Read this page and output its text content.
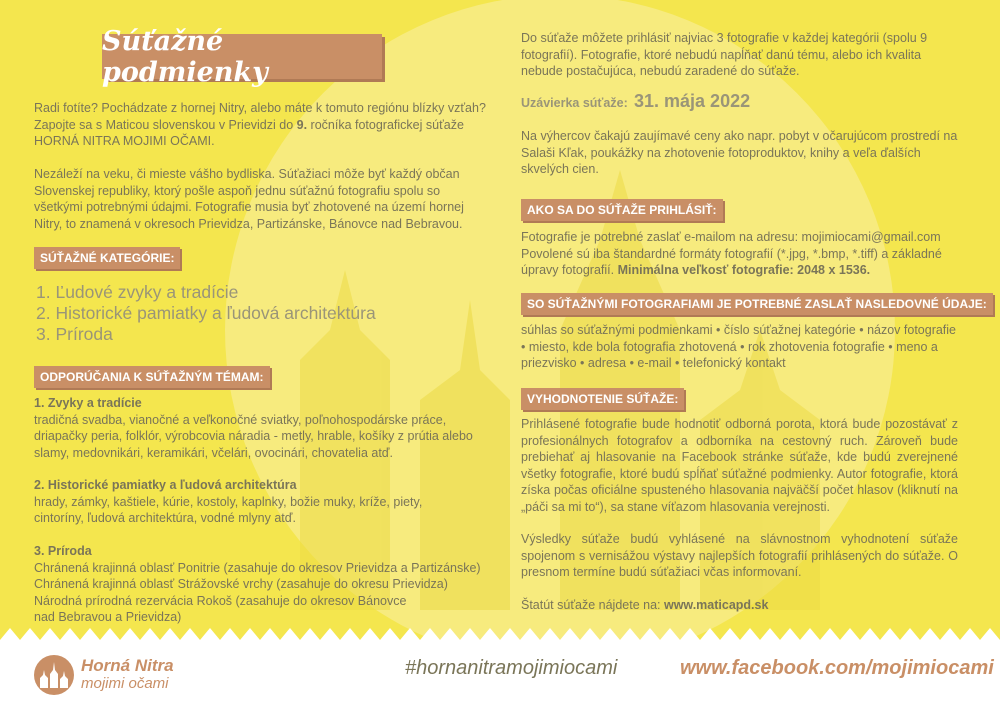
Súťažné podmienky
Radi fotíte? Pochádzate z hornej Nitry, alebo máte k tomuto regiónu blízky vzťah? Zapojte sa s Maticou slovenskou v Prievidzi do 9. ročníka fotografickej súťaže HORNÁ NITRA MOJIMI OČAMI.
Nezáleží na veku, či mieste vášho bydliska. Súťažiaci môže byť každý občan Slovenskej republiky, ktorý pošle aspoň jednu súťažnú fotografiu spolu so všetkými potrebnými údajmi. Fotografie musia byť zhotovené na území hornej Nitry, to znamená v okresoch Prievidza, Partizánske, Bánovce nad Bebravou.
SÚŤAŽNÉ KATEGÓRIE:
1. Ľudové zvyky a tradície
2. Historické pamiatky a ľudová architektúra
3. Príroda
ODPORÚČANIA K SÚŤAŽNÝM TÉMAM:
1. Zvyky a tradície
tradičná svadba, vianočné a veľkonočné sviatky, poľnohospodárske práce, driapačky peria, folklór, výrobcovia náradia - metly, hrable, košíky z prútia alebo slamy, medovnikári, keramikári, včelári, ovocinári, chovatelia atď.
2. Historické pamiatky a ľudová architektúra
hrady, zámky, kaštiele, kúrie, kostoly, kaplnky, božie muky, kríže, piety, cintoríny, ľudová architektúra, vodné mlyny atď.
3. Príroda
Chránená krajinná oblasť Ponitrie (zasahuje do okresov Prievidza a Partizánske)
Chránená krajinná oblasť Strážovské vrchy (zasahuje do okresu Prievidza)
Národná prírodná rezervácia Rokoš (zasahuje do okresov Bánovce
nad Bebravou a Prievidza)
Do súťaže môžete prihlásiť najviac 3 fotografie v každej kategórii (spolu 9 fotografií). Fotografie, ktoré nebudú napĺňať danú tému, alebo ich kvalita nebude postačujúca, nebudú zaradené do súťaže.
Uzávierka súťaže: 31. mája 2022
Na výhercov čakajú zaujímavé ceny ako napr. pobyt v očarujúcom prostredí na Salaši Kľak, poukážky na zhotovenie fotoproduktov, knihy a veľa ďalších skvelých cien.
AKO SA DO SÚŤAŽE PRIHLÁSIŤ:
Fotografie je potrebné zaslať e-mailom na adresu: mojimiocami@gmail.com Povolené sú iba štandardné formáty fotografií (*.jpg, *.bmp, *.tiff) a základné úpravy fotografií. Minimálna veľkosť fotografie: 2048 x 1536.
SO SÚŤAŽNÝMI FOTOGRAFIAMI JE POTREBNÉ ZASLAŤ NASLEDOVNÉ ÚDAJE:
súhlas so súťažnými podmienkami • číslo súťažnej kategórie • názov fotografie • miesto, kde bola fotografia zhotovená • rok zhotovenia fotografie • meno a priezvisko • adresa • e-mail • telefonický kontakt
VYHODNOTENIE SÚŤAŽE:
Prihlásené fotografie bude hodnotiť odborná porota, ktorá bude pozostávať z profesionálnych fotografov a odborníka na cestovný ruch. Zároveň bude prebiehať aj hlasovanie na Facebook stránke súťaže, kde budú zverejnené všetky fotografie, ktoré budú spĺňať súťažné podmienky. Autor fotografie, ktorá získa počas oficiálne spusteného hlasovania najväčší počet hlasov (kliknutí na „páči sa mi to“), sa stane víťazom hlasovania verejnosti.
Výsledky súťaže budú vyhlásené na slávnostnom vyhodnotení súťaže spojenom s vernisážou výstavy najlepších fotografií prihlásených do súťaže. O presnom termíne budú súťažiaci včas informovaní.
Štatút súťaže nájdete na: www.maticapd.sk
Horná Nitra
mojimi očami
#hornanitramojimiocami	www.facebook.com/mojimiocami
